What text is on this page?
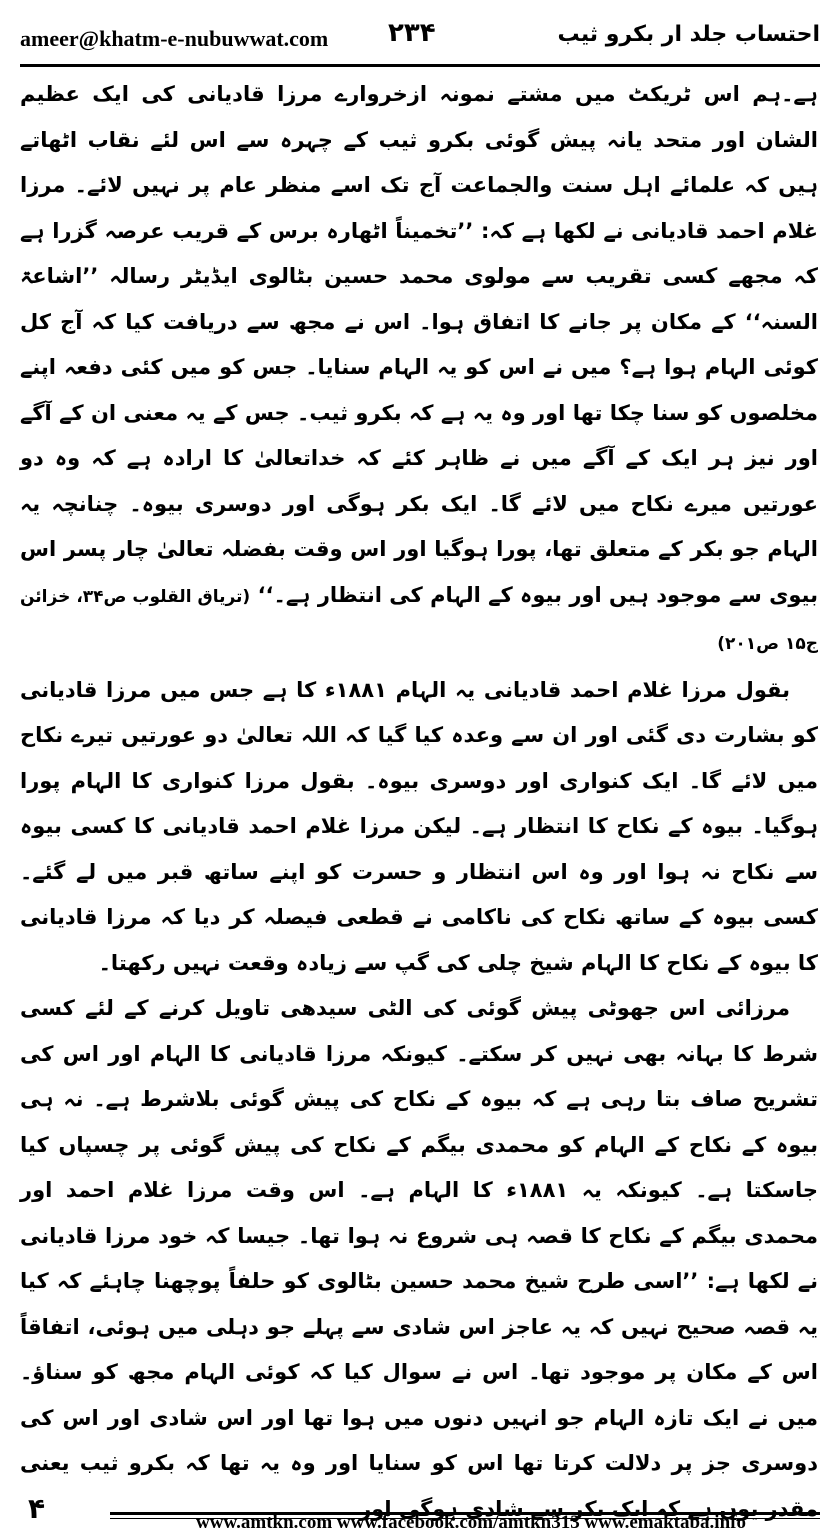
ameer@khatm-e-nubuwwat.com ۲۳۴	احتساب جلد ار بکرو ثیب

ہے۔ہم اس ٹریکٹ میں مشتے نمونہ ازخروارے مرزا قادیانی کی ایک عظیم الشان اور متحد یانہ پیش گوئی بکرو ثیب کے چہرہ سے اس لئے نقاب اٹھاتے ہیں کہ علمائے اہل سنت والجماعت آج تک اسے منظر عام پر نہیں لائے۔ مرزا غلام احمد قادیانی نے لکھا ہے کہ: ’’تخمیناً اٹھارہ برس کے قریب عرصہ گزرا ہے کہ مجھے کسی تقریب سے مولوی محمد حسین بٹالوی ایڈیٹر رسالہ ’’اشاعۃ السنہ‘‘ کے مکان پر جانے کا اتفاق ہوا۔ اس نے مجھ سے دریافت کیا کہ آج کل کوئی الہام ہوا ہے؟ میں نے اس کو یہ الہام سنایا۔ جس کو میں کئی دفعہ اپنے مخلصوں کو سنا چکا تھا اور وہ یہ ہے کہ بکرو ثیب۔ جس کے یہ معنی ان کے آگے اور نیز ہر ایک کے آگے میں نے ظاہر کئے کہ خداتعالیٰ کا ارادہ ہے کہ وہ دو عورتیں میرے نکاح میں لائے گا۔ ایک بکر ہوگی اور دوسری بیوہ۔ چنانچہ یہ الہام جو بکر کے متعلق تھا، پورا ہوگیا اور اس وقت بفضلہ تعالیٰ چار پسر اس بیوی سے موجود ہیں اور بیوہ کے الہام کی انتظار ہے۔‘‘ (تریاق القلوب ص۳۴، خزائن ج۱۵ ص۲۰۱)

بقول مرزا غلام احمد قادیانی یہ الہام ۱۸۸۱ء کا ہے جس میں مرزا قادیانی کو بشارت دی گئی اور ان سے وعدہ کیا گیا کہ اللہ تعالیٰ دو عورتیں تیرے نکاح میں لائے گا۔ ایک کنواری اور دوسری بیوہ۔ بقول مرزا کنواری کا الہام پورا ہوگیا۔ بیوہ کے نکاح کا انتظار ہے۔ لیکن مرزا غلام احمد قادیانی کا کسی بیوہ سے نکاح نہ ہوا اور وہ اس انتظار و حسرت کو اپنے ساتھ قبر میں لے گئے۔ کسی بیوہ کے ساتھ نکاح کی ناکامی نے قطعی فیصلہ کر دیا کہ مرزا قادیانی کا بیوہ کے نکاح کا الہام شیخ چلی کی گپ سے زیادہ وقعت نہیں رکھتا۔

مرزائی اس جھوٹی پیش گوئی کی الٹی سیدھی تاویل کرنے کے لئے کسی شرط کا بہانہ بھی نہیں کر سکتے۔ کیونکہ مرزا قادیانی کا الہام اور اس کی تشریح صاف بتا رہی ہے کہ بیوہ کے نکاح کی پیش گوئی بلاشرط ہے۔ نہ ہی بیوہ کے نکاح کے الہام کو محمدی بیگم کے نکاح کی پیش گوئی پر چسپاں کیا جاسکتا ہے۔ کیونکہ یہ ۱۸۸۱ء کا الہام ہے۔ اس وقت مرزا غلام احمد اور محمدی بیگم کے نکاح کا قصہ ہی شروع نہ ہوا تھا۔ جیسا کہ خود مرزا قادیانی نے لکھا ہے: ’’اسی طرح شیخ محمد حسین بٹالوی کو حلفاً پوچھنا چاہئے کہ کیا یہ قصہ صحیح نہیں کہ یہ عاجز اس شادی سے پہلے جو دہلی میں ہوئی، اتفاقاً اس کے مکان پر موجود تھا۔ اس نے سوال کیا کہ کوئی الہام مجھ کو سناؤ۔ میں نے ایک تازہ الہام جو انہیں دنوں میں ہوا تھا اور اس شادی اور اس کی دوسری جز پر دلالت کرتا تھا اس کو سنایا اور وہ یہ تھا کہ بکرو ثیب یعنی مقدر یوں ہے کہ ایک بکر سے شادی ہوگی اور

۴	www.amtkn.com www.facebook.com/amtkn313 www.emaktaba.info
